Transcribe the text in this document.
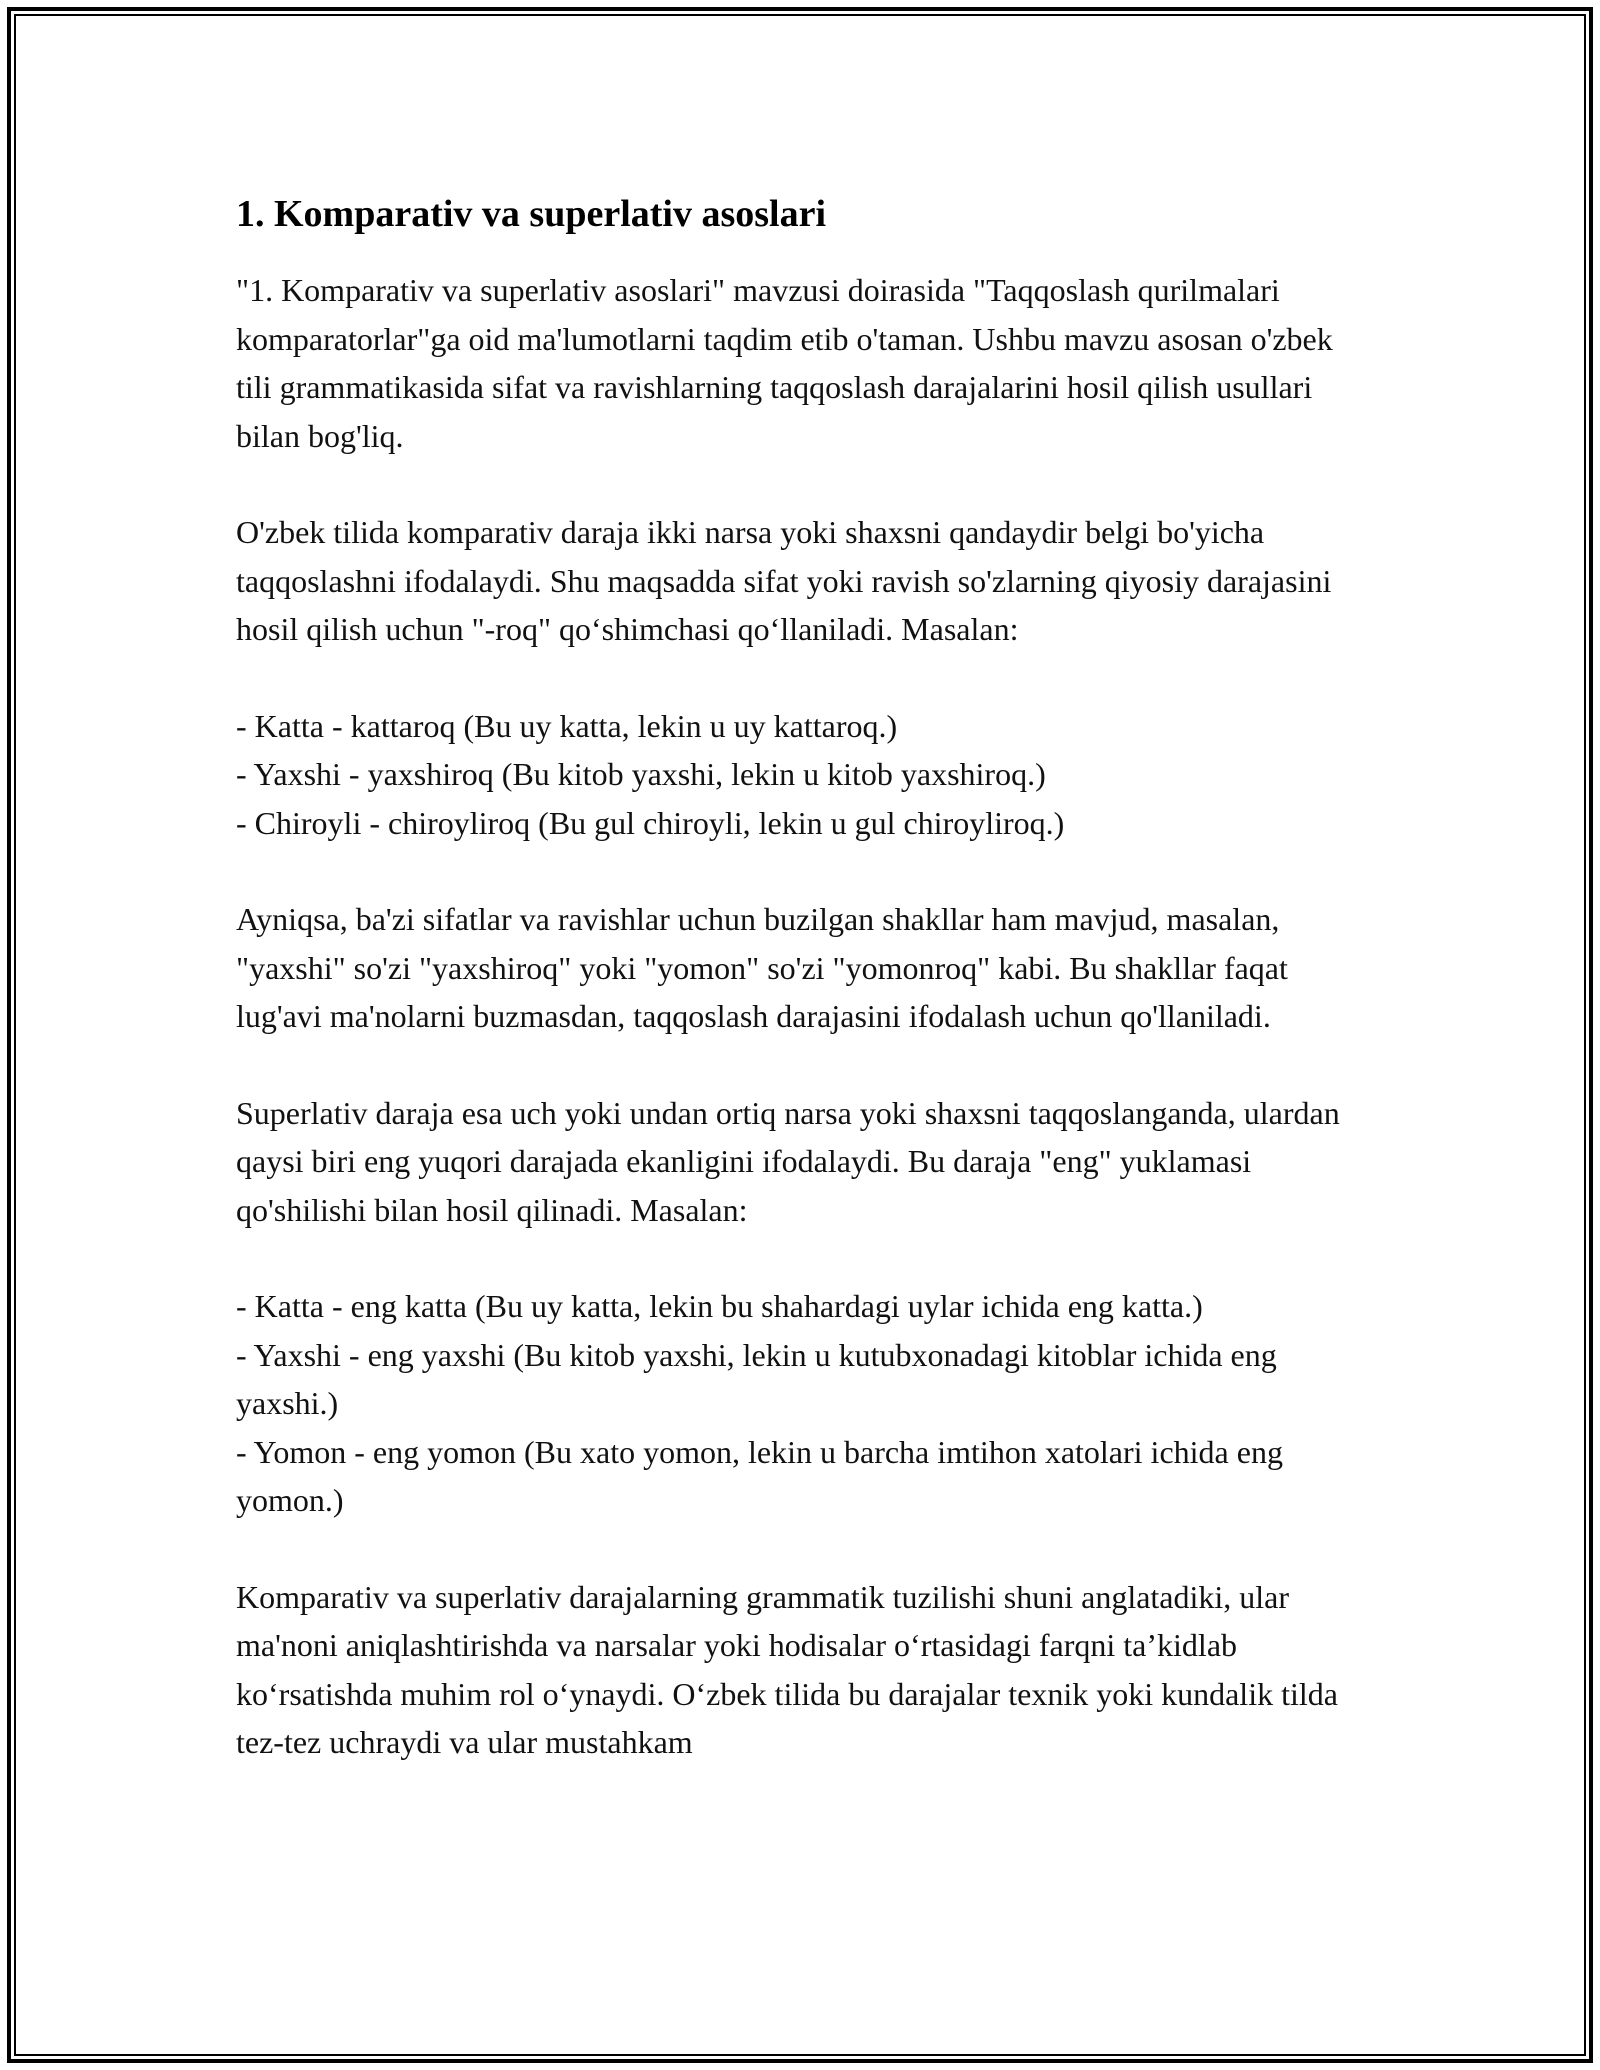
1. Komparativ va superlativ asoslari

"1. Komparativ va superlativ asoslari" mavzusi doirasida "Taqqoslash qurilmalari komparatorlar"ga oid ma'lumotlarni taqdim etib o'taman. Ushbu mavzu asosan o'zbek tili grammatikasida sifat va ravishlarning taqqoslash darajalarini hosil qilish usullari bilan bog'liq.

O'zbek tilida komparativ daraja ikki narsa yoki shaxsni qandaydir belgi bo'yicha taqqoslashni ifodalaydi. Shu maqsadda sifat yoki ravish so'zlarning qiyosiy darajasini hosil qilish uchun "-roq" qo‘shimchasi qo‘llaniladi. Masalan:

- Katta - kattaroq (Bu uy katta, lekin u uy kattaroq.)
- Yaxshi - yaxshiroq (Bu kitob yaxshi, lekin u kitob yaxshiroq.)
- Chiroyli - chiroyliroq (Bu gul chiroyli, lekin u gul chiroyliroq.)

Ayniqsa, ba'zi sifatlar va ravishlar uchun buzilgan shakllar ham mavjud, masalan, "yaxshi" so'zi "yaxshiroq" yoki "yomon" so'zi "yomonroq" kabi. Bu shakllar faqat lug'avi ma'nolarni buzmasdan, taqqoslash darajasini ifodalash uchun qo'llaniladi.

Superlativ daraja esa uch yoki undan ortiq narsa yoki shaxsni taqqoslanganda, ulardan qaysi biri eng yuqori darajada ekanligini ifodalaydi. Bu daraja "eng" yuklamasi qo'shilishi bilan hosil qilinadi. Masalan:

- Katta - eng katta (Bu uy katta, lekin bu shahardagi uylar ichida eng katta.)
- Yaxshi - eng yaxshi (Bu kitob yaxshi, lekin u kutubxonadagi kitoblar ichida eng yaxshi.)
- Yomon - eng yomon (Bu xato yomon, lekin u barcha imtihon xatolari ichida eng yomon.)

Komparativ va superlativ darajalarning grammatik tuzilishi shuni anglatadiki, ular ma'noni aniqlashtirishda va narsalar yoki hodisalar o‘rtasidagi farqni ta’kidlab ko‘rsatishda muhim rol o‘ynaydi. O‘zbek tilida bu darajalar texnik yoki kundalik tilda tez-tez uchraydi va ular mustahkam
